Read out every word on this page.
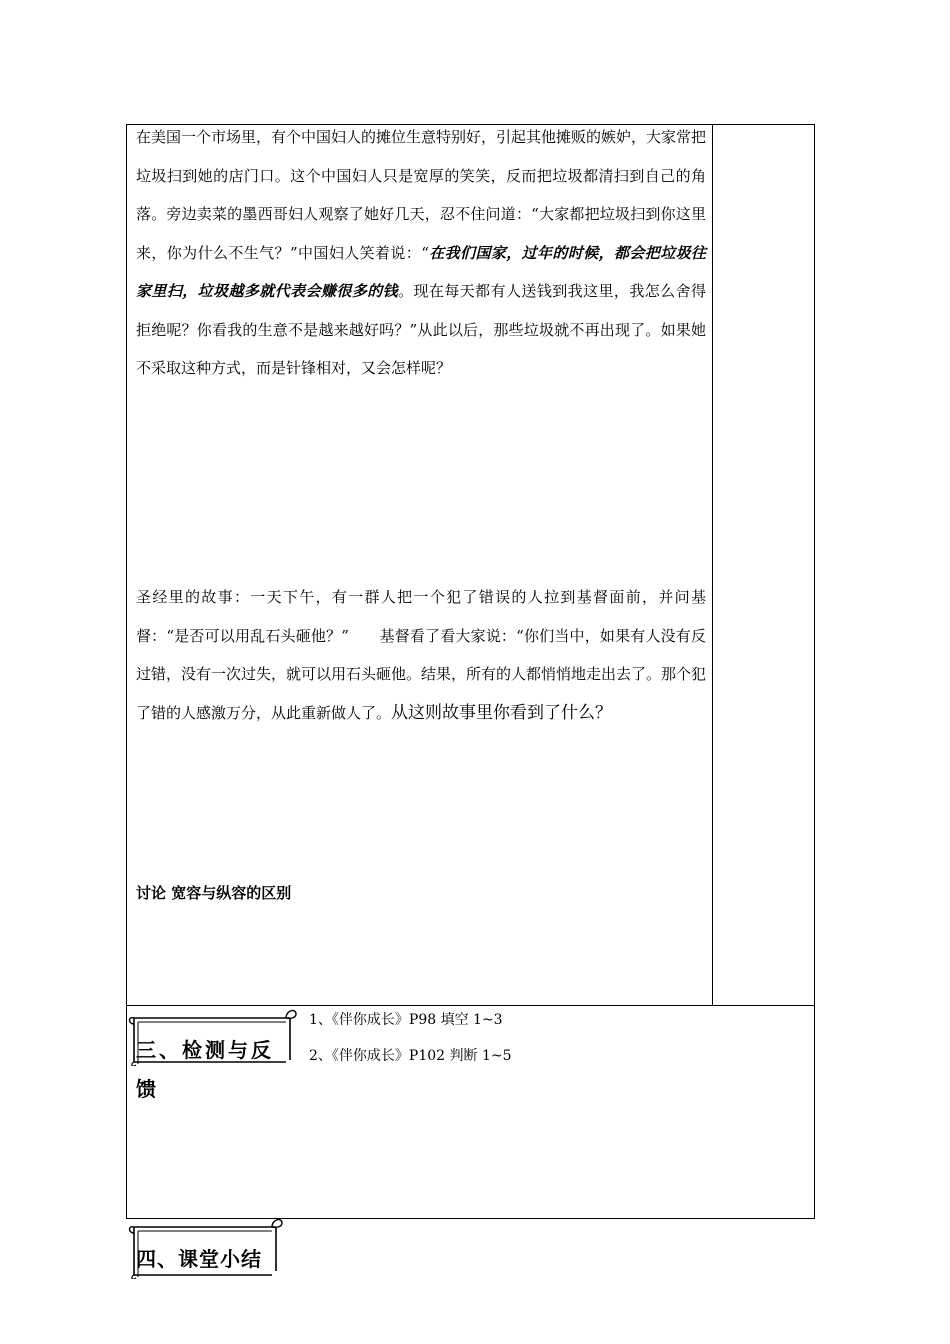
在美国一个市场里，有个中国妇人的摊位生意特别好，引起其他摊贩的嫉妒，大家常把垃圾扫到她的店门口。这个中国妇人只是宽厚的笑笑，反而把垃圾都清扫到自己的角落。旁边卖菜的墨西哥妇人观察了她好几天，忍不住问道：“大家都把垃圾扫到你这里来，你为什么不生气？”中国妇人笑着说：“在我们国家，过年的时候，都会把垃圾往家里扫，垃圾越多就代表会赚很多的钱。现在每天都有人送钱到我这里，我怎么舍得拒绝呢？你看我的生意不是越来越好吗？”从此以后，那些垃圾就不再出现了。如果她不采取这种方式，而是针锋相对，又会怎样呢？

圣经里的故事：一天下午，有一群人把一个犯了错误的人拉到基督面前，并问基督：“是否可以用乱石头砸他？”　　基督看了看大家说：“你们当中，如果有人没有反过错，没有一次过失，就可以用石头砸他。结果，所有的人都悄悄地走出去了。那个犯了错的人感激万分，从此重新做人了。从这则故事里你看到了什么？

讨论 宽容与纵容的区别
三、检测与反
馈
1、《伴你成长》P98 填空 1~3
2、《伴你成长》P102 判断 1~5
四、课堂小结
